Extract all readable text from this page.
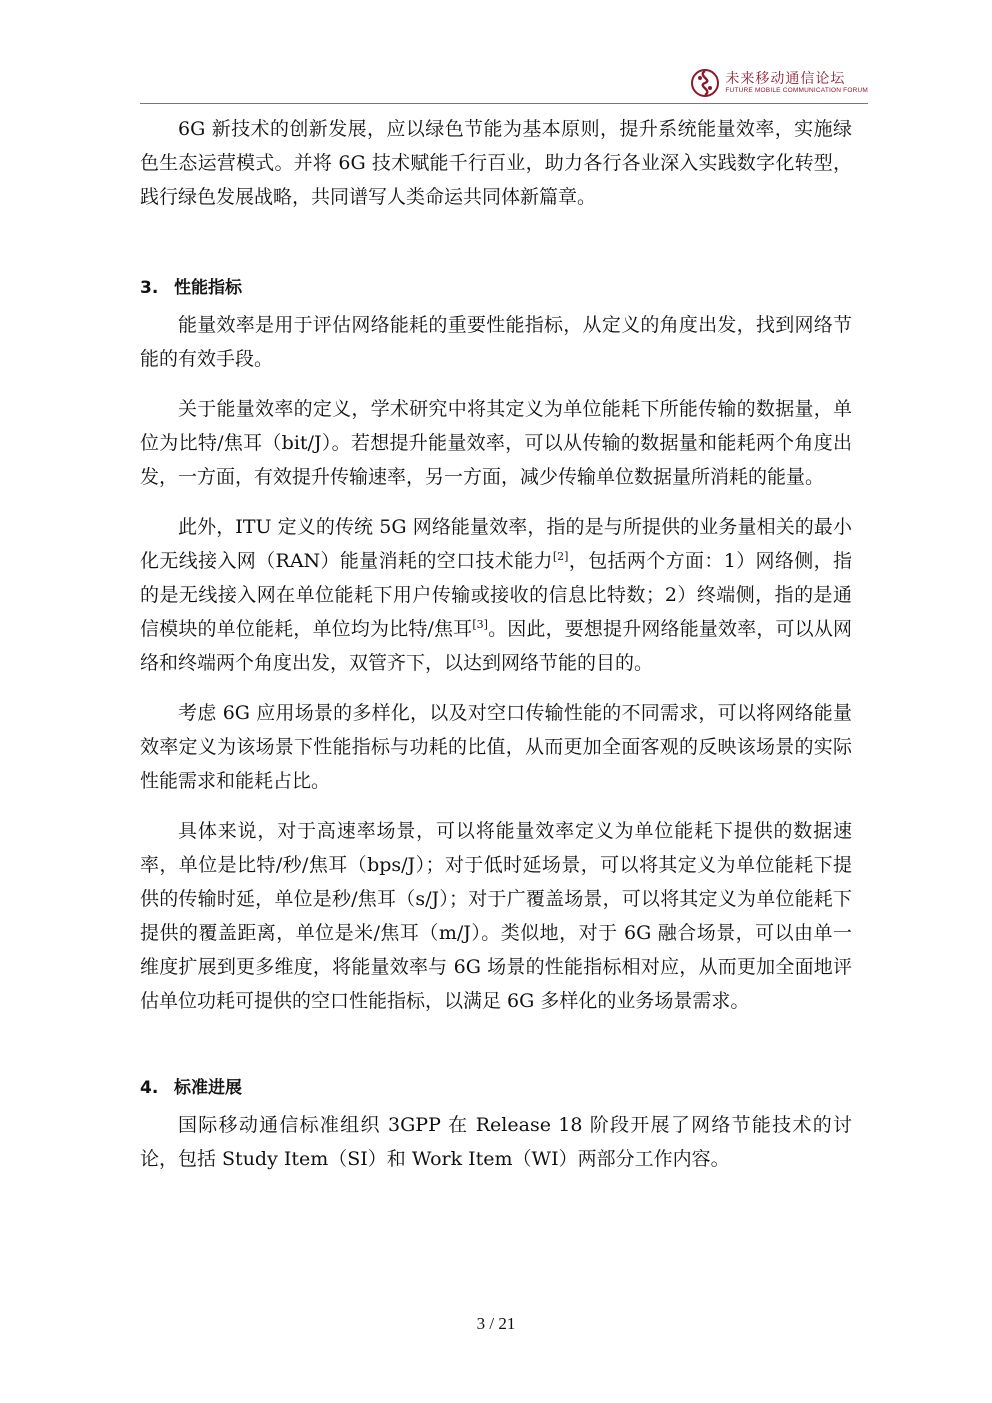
未来移动通信论坛
FUTURE MOBILE COMMUNICATION FORUM

6G 新技术的创新发展，应以绿色节能为基本原则，提升系统能量效率，实施绿色生态运营模式。并将 6G 技术赋能千行百业，助力各行各业深入实践数字化转型，践行绿色发展战略，共同谱写人类命运共同体新篇章。

3. 性能指标

能量效率是用于评估网络能耗的重要性能指标，从定义的角度出发，找到网络节能的有效手段。

关于能量效率的定义，学术研究中将其定义为单位能耗下所能传输的数据量，单位为比特/焦耳（bit/J）。若想提升能量效率，可以从传输的数据量和能耗两个角度出发，一方面，有效提升传输速率，另一方面，减少传输单位数据量所消耗的能量。

此外，ITU 定义的传统 5G 网络能量效率，指的是与所提供的业务量相关的最小化无线接入网（RAN）能量消耗的空口技术能力[2]，包括两个方面：1）网络侧，指的是无线接入网在单位能耗下用户传输或接收的信息比特数；2）终端侧，指的是通信模块的单位能耗，单位均为比特/焦耳[3]。因此，要想提升网络能量效率，可以从网络和终端两个角度出发，双管齐下，以达到网络节能的目的。

考虑 6G 应用场景的多样化，以及对空口传输性能的不同需求，可以将网络能量效率定义为该场景下性能指标与功耗的比值，从而更加全面客观的反映该场景的实际性能需求和能耗占比。

具体来说，对于高速率场景，可以将能量效率定义为单位能耗下提供的数据速率，单位是比特/秒/焦耳（bps/J）；对于低时延场景，可以将其定义为单位能耗下提供的传输时延，单位是秒/焦耳（s/J）；对于广覆盖场景，可以将其定义为单位能耗下提供的覆盖距离，单位是米/焦耳（m/J）。类似地，对于 6G 融合场景，可以由单一维度扩展到更多维度，将能量效率与 6G 场景的性能指标相对应，从而更加全面地评估单位功耗可提供的空口性能指标，以满足 6G 多样化的业务场景需求。

4. 标准进展

国际移动通信标准组织 3GPP 在 Release 18 阶段开展了网络节能技术的讨论，包括 Study Item（SI）和 Work Item（WI）两部分工作内容。

3 / 21
